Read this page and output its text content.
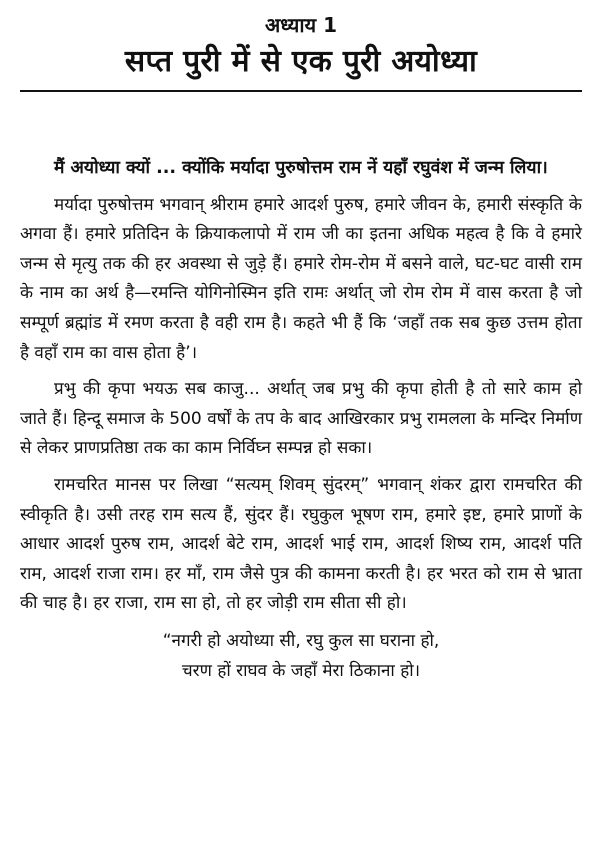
अध्याय 1
सप्त पुरी में से एक पुरी अयोध्या

मैं अयोध्या क्यों ... क्योंकि मर्यादा पुरुषोत्तम राम नें यहाँ रघुवंश में जन्म लिया।

मर्यादा पुरुषोत्तम भगवान् श्रीराम हमारे आदर्श पुरुष, हमारे जीवन के, हमारी संस्कृति के अगवा हैं। हमारे प्रतिदिन के क्रियाकलापो में राम जी का इतना अधिक महत्व है कि वे हमारे जन्म से मृत्यु तक की हर अवस्था से जुड़े हैं। हमारे रोम-रोम में बसने वाले, घट-घट वासी राम के नाम का अर्थ है—रमन्ति योगिनोस्मिन इति रामः अर्थात् जो रोम रोम में वास करता है जो सम्पूर्ण ब्रह्मांड में रमण करता है वही राम है। कहते भी हैं कि ‘जहाँ तक सब कुछ उत्तम होता है वहाँ राम का वास होता है’।

प्रभु की कृपा भयऊ सब काजु... अर्थात् जब प्रभु की कृपा होती है तो सारे काम हो जाते हैं। हिन्दू समाज के 500 वर्षों के तप के बाद आखिरकार प्रभु रामलला के मन्दिर निर्माण से लेकर प्राणप्रतिष्ठा तक का काम निर्विघ्न सम्पन्न हो सका।

रामचरित मानस पर लिखा “सत्यम् शिवम् सुंदरम्” भगवान् शंकर द्वारा रामचरित की स्वीकृति है। उसी तरह राम सत्य हैं, सुंदर हैं। रघुकुल भूषण राम, हमारे इष्ट, हमारे प्राणों के आधार आदर्श पुरुष राम, आदर्श बेटे राम, आदर्श भाई राम, आदर्श शिष्य राम, आदर्श पति राम, आदर्श राजा राम। हर माँ, राम जैसे पुत्र की कामना करती है। हर भरत को राम से भ्राता की चाह है। हर राजा, राम सा हो, तो हर जोड़ी राम सीता सी हो।

“नगरी हो अयोध्या सी, रघु कुल सा घराना हो,
चरण हों राघव के जहाँ मेरा ठिकाना हो।
